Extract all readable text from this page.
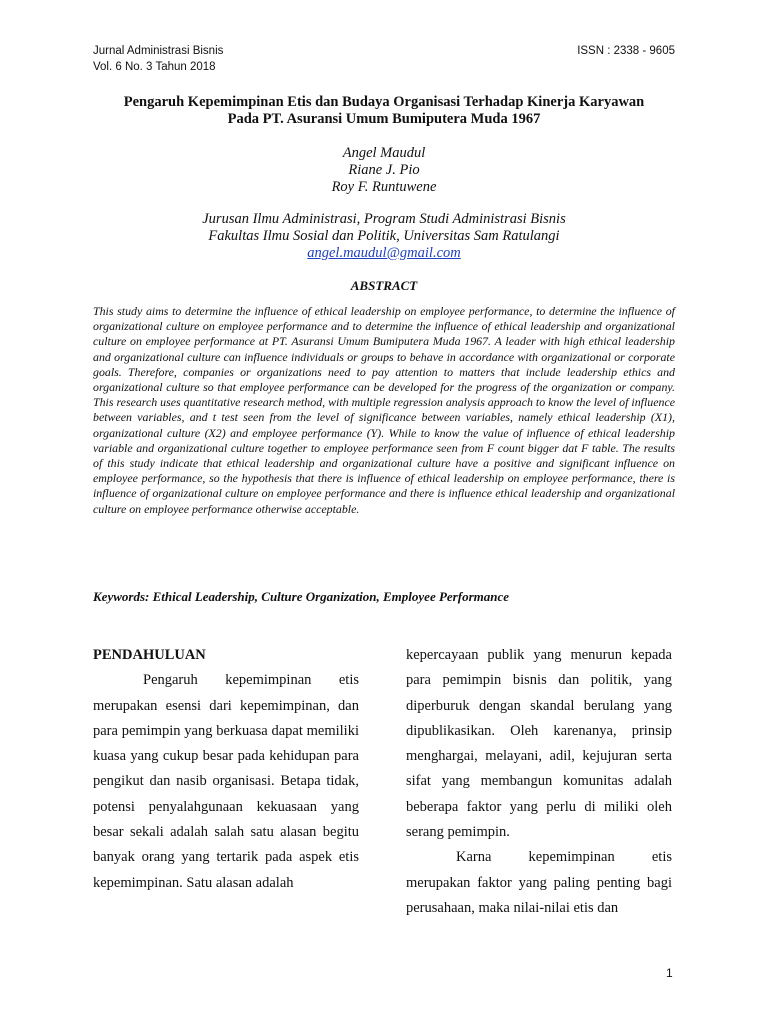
Jurnal Administrasi Bisnis
Vol. 6 No. 3 Tahun 2018
ISSN : 2338 - 9605
Pengaruh Kepemimpinan Etis dan Budaya Organisasi Terhadap Kinerja Karyawan
Pada PT. Asuransi Umum Bumiputera Muda 1967
Angel Maudul
Riane J. Pio
Roy F. Runtuwene
Jurusan Ilmu Administrasi, Program Studi Administrasi Bisnis
Fakultas Ilmu Sosial dan Politik, Universitas Sam Ratulangi
angel.maudul@gmail.com
ABSTRACT

This study aims to determine the influence of ethical leadership on employee performance, to determine the influence of organizational culture on employee performance and to determine the influence of ethical leadership and organizational culture on employee performance at PT. Asuransi Umum Bumiputera Muda 1967. A leader with high ethical leadership and organizational culture can influence individuals or groups to behave in accordance with organizational or corporate goals. Therefore, companies or organizations need to pay attention to matters that include leadership ethics and organizational culture so that employee performance can be developed for the progress of the organization or company. This research uses quantitative research method, with multiple regression analysis approach to know the level of influence between variables, and t test seen from the level of significance between variables, namely ethical leadership (X1), organizational culture (X2) and employee performance (Y). While to know the value of influence of ethical leadership variable and organizational culture together to employee performance seen from F count bigger dat F table. The results of this study indicate that ethical leadership and organizational culture have a positive and significant influence on employee performance, so the hypothesis that there is influence of ethical leadership on employee performance, there is influence of organizational culture on employee performance and there is influence ethical leadership and organizational culture on employee performance otherwise acceptable.

Keywords: Ethical Leadership, Culture Organization, Employee Performance
PENDAHULUAN

Pengaruh kepemimpinan etis merupakan esensi dari kepemimpinan, dan para pemimpin yang berkuasa dapat memiliki kuasa yang cukup besar pada kehidupan para pengikut dan nasib organisasi. Betapa tidak, potensi penyalahgunaan kekuasaan yang besar sekali adalah salah satu alasan begitu banyak orang yang tertarik pada aspek etis kepemimpinan. Satu alasan adalah

kepercayaan publik yang menurun kepada para pemimpin bisnis dan politik, yang diperburuk dengan skandal berulang yang dipublikasikan. Oleh karenanya, prinsip menghargai, melayani, adil, kejujuran serta sifat yang membangun komunitas adalah beberapa faktor yang perlu di miliki oleh serang pemimpin.

Karna kepemimpinan etis merupakan faktor yang paling penting bagi perusahaan, maka nilai-nilai etis dan

1
